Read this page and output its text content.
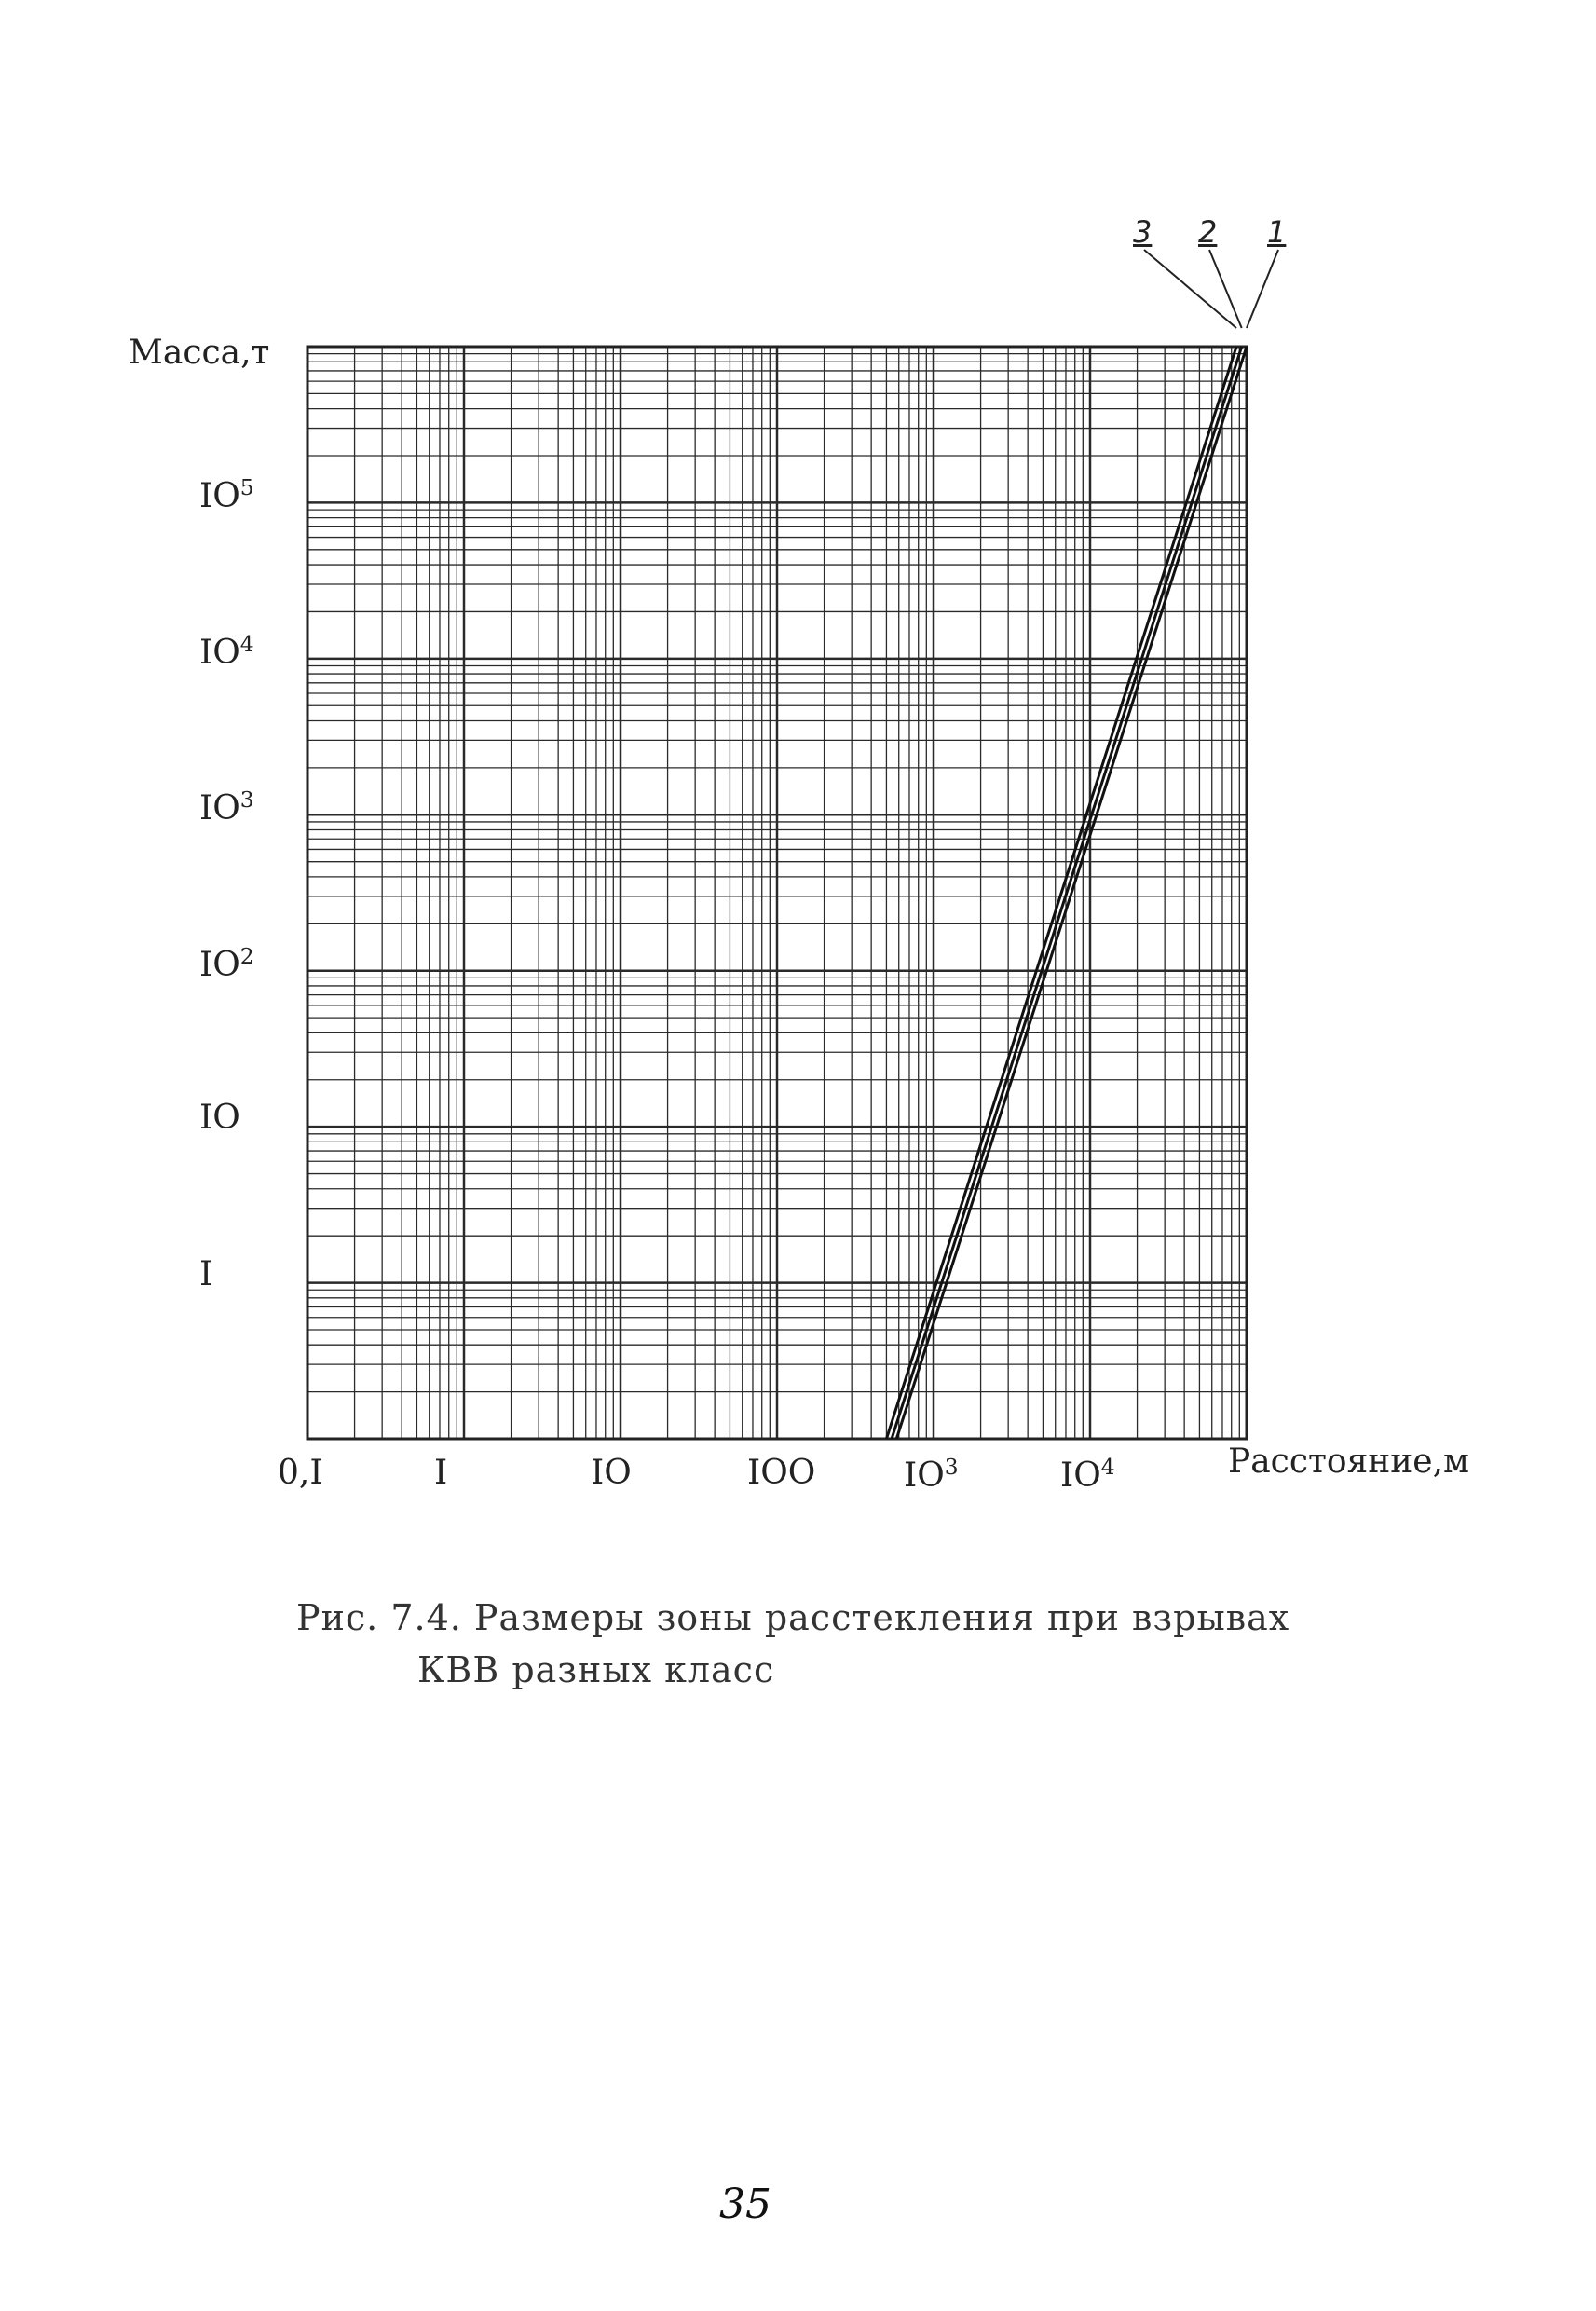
Масса,т
Расстояние,м
I
IO
$IO^2$
$IO^3$
$IO^4$
$IO^5$
0,I	I	IO	IOO	$IO^3$	$IO^4$
1
2
3
Рис. 7.4. Размеры зоны расстекления при взрывах
КВВ разных класс
35
